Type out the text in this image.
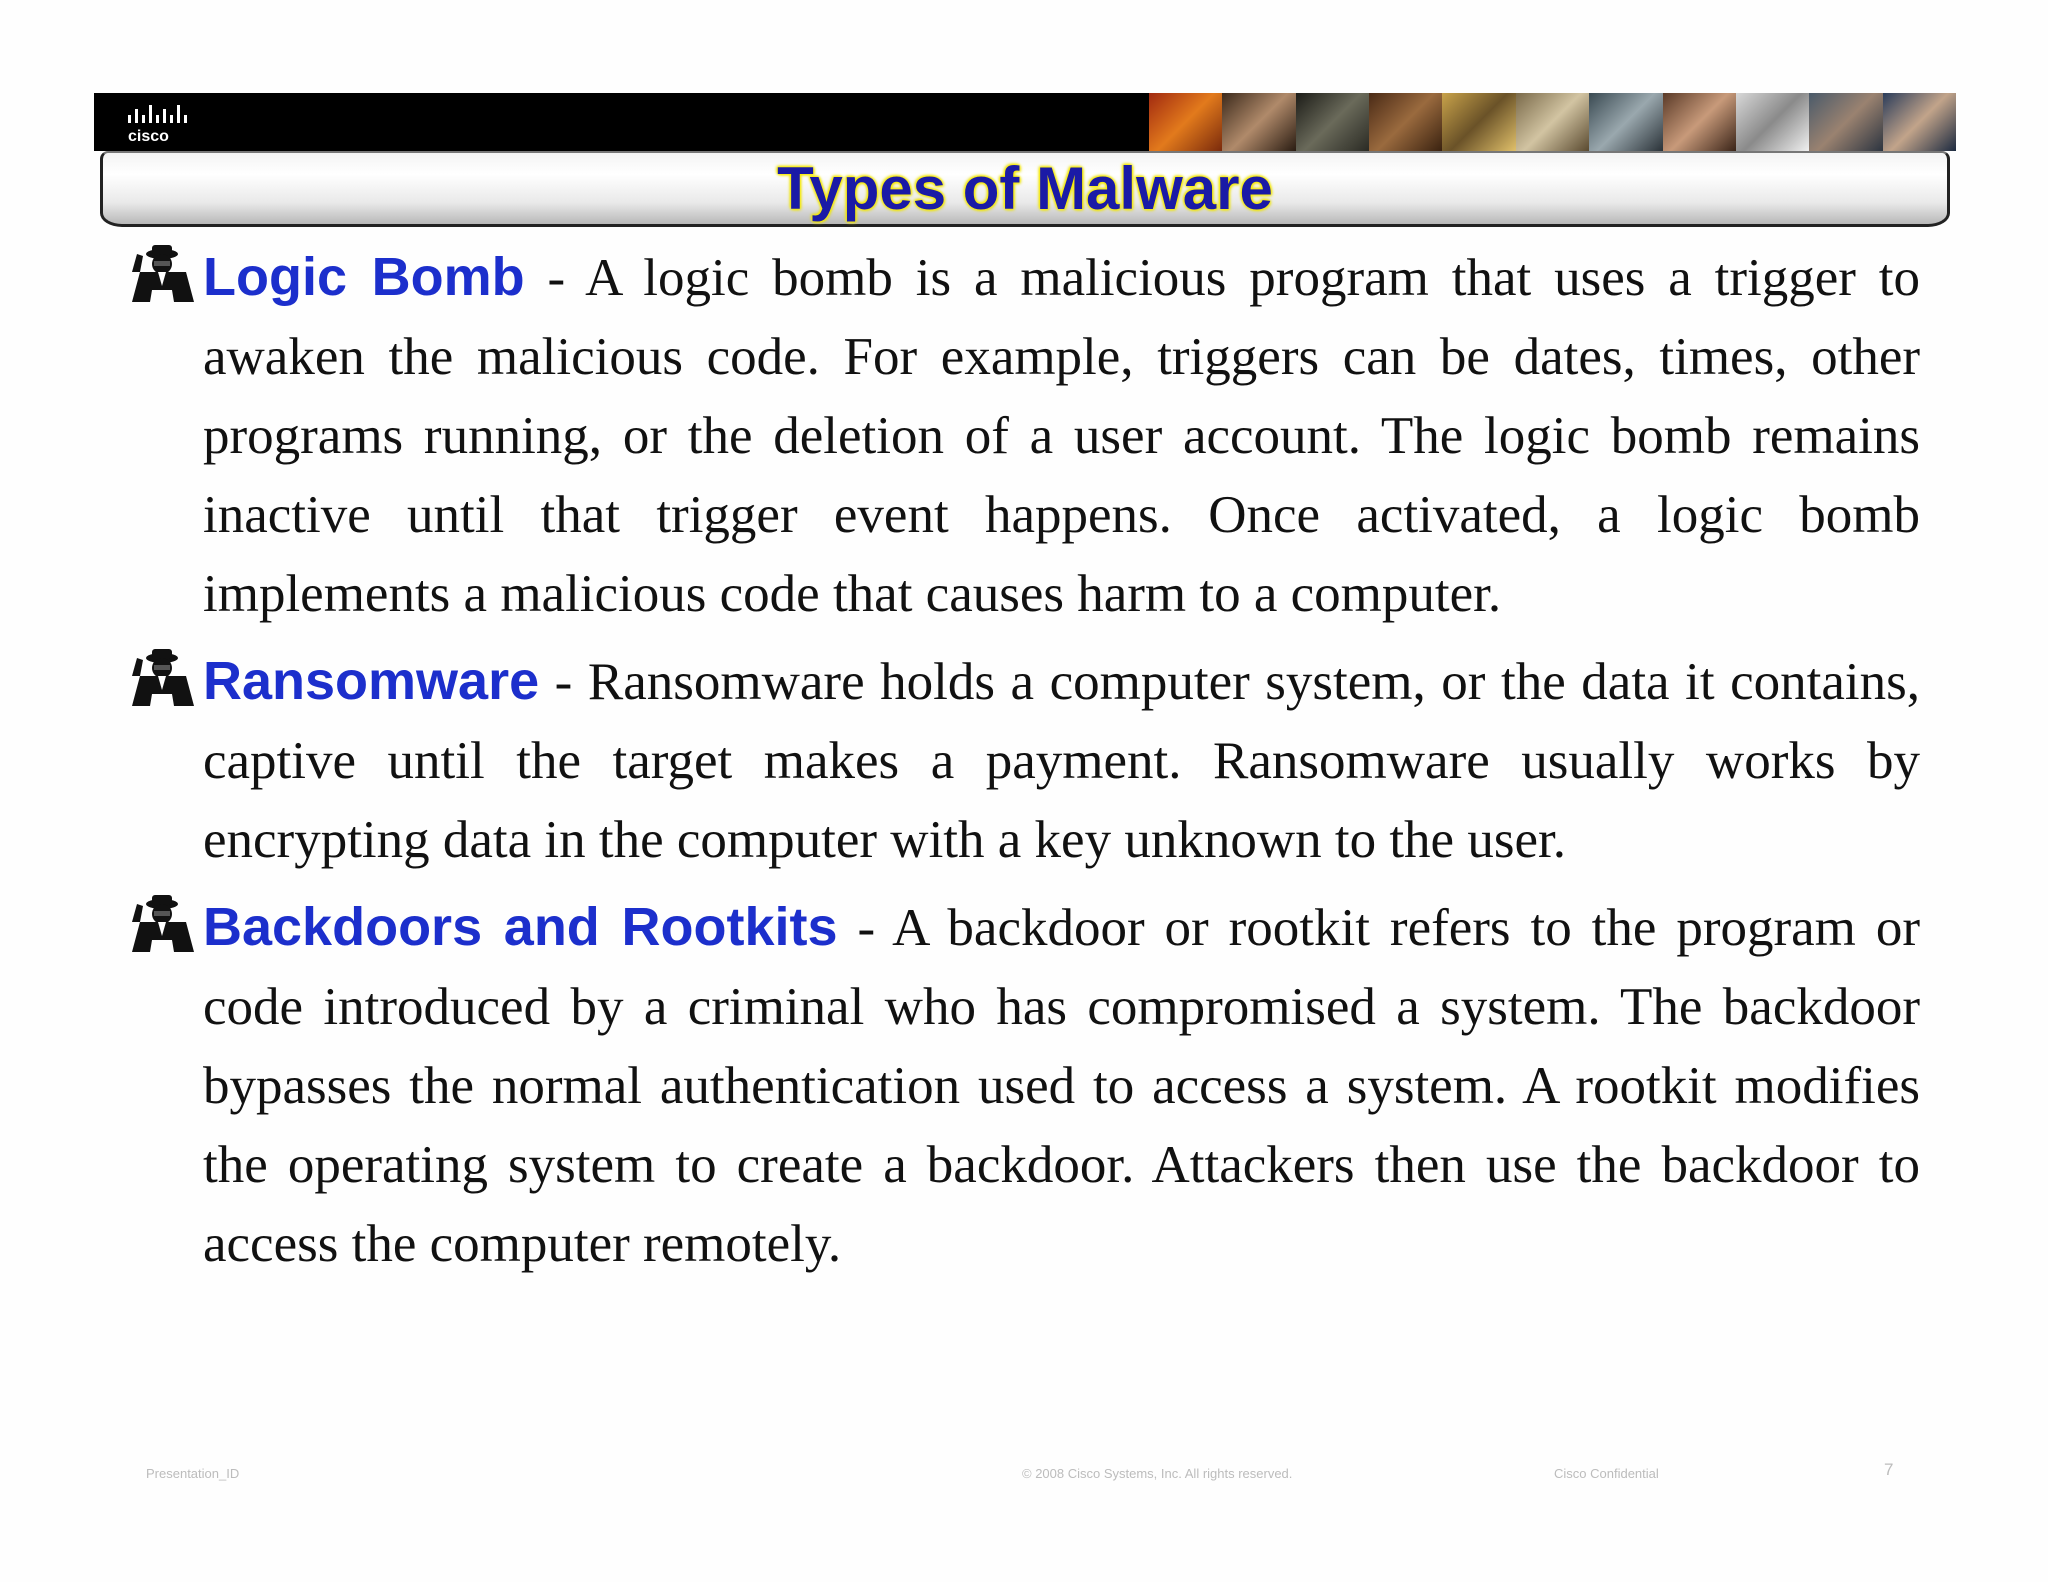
cisco
Types of Malware

Logic Bomb - A logic bomb is a malicious program that uses a trigger to awaken the malicious code. For example, triggers can be dates, times, other programs running, or the deletion of a user account. The logic bomb remains inactive until that trigger event happens. Once activated, a logic bomb implements a malicious code that causes harm to a computer.

Ransomware - Ransomware holds a computer system, or the data it contains, captive until the target makes a payment. Ransomware usually works by encrypting data in the computer with a key unknown to the user.

Backdoors and Rootkits - A backdoor or rootkit refers to the program or code introduced by a criminal who has compromised a system. The backdoor bypasses the normal authentication used to access a system. A rootkit modifies the operating system to create a backdoor. Attackers then use the backdoor to access the computer remotely.

Presentation_ID	© 2008 Cisco Systems, Inc. All rights reserved.	Cisco Confidential	7
